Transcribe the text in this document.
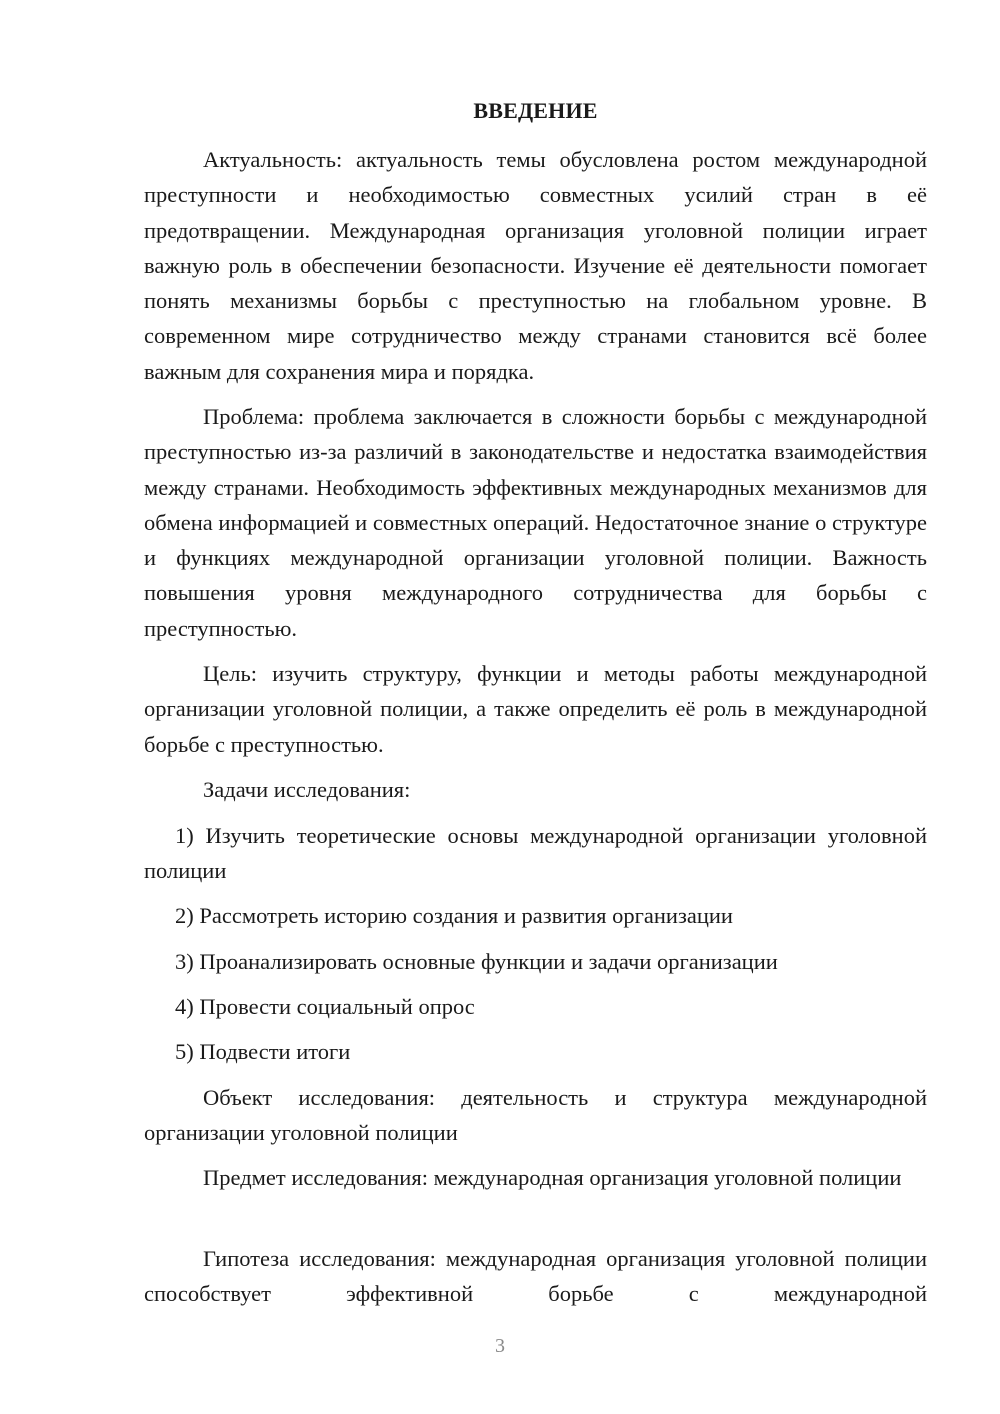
ВВЕДЕНИЕ

Актуальность: актуальность темы обусловлена ростом международной преступности и необходимостью совместных усилий стран в её предотвращении. Международная организация уголовной полиции играет важную роль в обеспечении безопасности. Изучение её деятельности помогает понять механизмы борьбы с преступностью на глобальном уровне. В современном мире сотрудничество между странами становится всё более важным для сохранения мира и порядка.

Проблема: проблема заключается в сложности борьбы с международной преступностью из-за различий в законодательстве и недостатка взаимодействия между странами. Необходимость эффективных международных механизмов для обмена информацией и совместных операций. Недостаточное знание о структуре и функциях международной организации уголовной полиции. Важность повышения уровня международного сотрудничества для борьбы с преступностью.

Цель: изучить структуру, функции и методы работы международной организации уголовной полиции, а также определить её роль в международной борьбе с преступностью.

Задачи исследования:

1) Изучить теоретические основы международной организации уголовной полиции

2) Рассмотреть историю создания и развития организации

3) Проанализировать основные функции и задачи организации

4) Провести социальный опрос

5) Подвести итоги

Объект исследования: деятельность и структура международной организации уголовной полиции

Предмет исследования: международная организация уголовной полиции

Гипотеза исследования: международная организация уголовной полиции способствует эффективной борьбе с международной

3
